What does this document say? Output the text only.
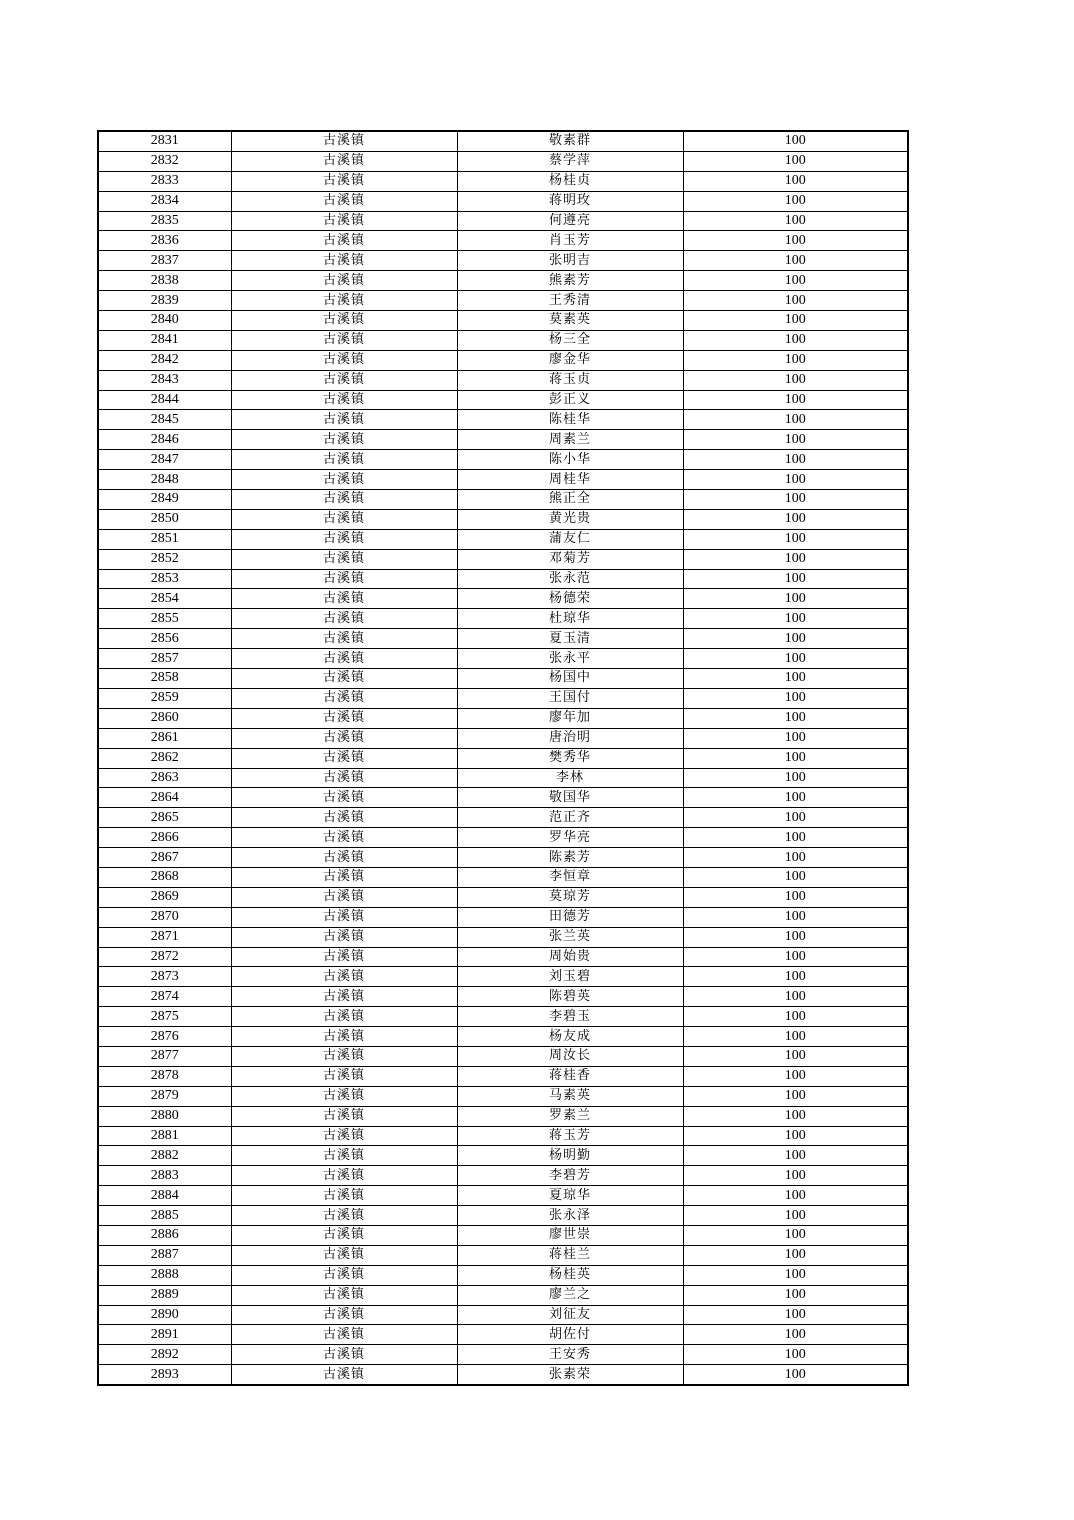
2831	古溪镇	敬素群	100
2832	古溪镇	蔡学萍	100
2833	古溪镇	杨桂贞	100
2834	古溪镇	蒋明玫	100
2835	古溪镇	何遵亮	100
2836	古溪镇	肖玉芳	100
2837	古溪镇	张明吉	100
2838	古溪镇	熊素芳	100
2839	古溪镇	王秀清	100
2840	古溪镇	莫素英	100
2841	古溪镇	杨三全	100
2842	古溪镇	廖金华	100
2843	古溪镇	蒋玉贞	100
2844	古溪镇	彭正义	100
2845	古溪镇	陈桂华	100
2846	古溪镇	周素兰	100
2847	古溪镇	陈小华	100
2848	古溪镇	周桂华	100
2849	古溪镇	熊正全	100
2850	古溪镇	黄光贵	100
2851	古溪镇	蒲友仁	100
2852	古溪镇	邓菊芳	100
2853	古溪镇	张永范	100
2854	古溪镇	杨德荣	100
2855	古溪镇	杜琼华	100
2856	古溪镇	夏玉清	100
2857	古溪镇	张永平	100
2858	古溪镇	杨国中	100
2859	古溪镇	王国付	100
2860	古溪镇	廖年加	100
2861	古溪镇	唐治明	100
2862	古溪镇	樊秀华	100
2863	古溪镇	李林	100
2864	古溪镇	敬国华	100
2865	古溪镇	范正齐	100
2866	古溪镇	罗华亮	100
2867	古溪镇	陈素芳	100
2868	古溪镇	李恒章	100
2869	古溪镇	莫琼芳	100
2870	古溪镇	田德芳	100
2871	古溪镇	张兰英	100
2872	古溪镇	周始贵	100
2873	古溪镇	刘玉碧	100
2874	古溪镇	陈碧英	100
2875	古溪镇	李碧玉	100
2876	古溪镇	杨友成	100
2877	古溪镇	周汝长	100
2878	古溪镇	蒋桂香	100
2879	古溪镇	马素英	100
2880	古溪镇	罗素兰	100
2881	古溪镇	蒋玉芳	100
2882	古溪镇	杨明勤	100
2883	古溪镇	李碧芳	100
2884	古溪镇	夏琼华	100
2885	古溪镇	张永泽	100
2886	古溪镇	廖世崇	100
2887	古溪镇	蒋桂兰	100
2888	古溪镇	杨桂英	100
2889	古溪镇	廖兰之	100
2890	古溪镇	刘征友	100
2891	古溪镇	胡佐付	100
2892	古溪镇	王安秀	100
2893	古溪镇	张素荣	100
